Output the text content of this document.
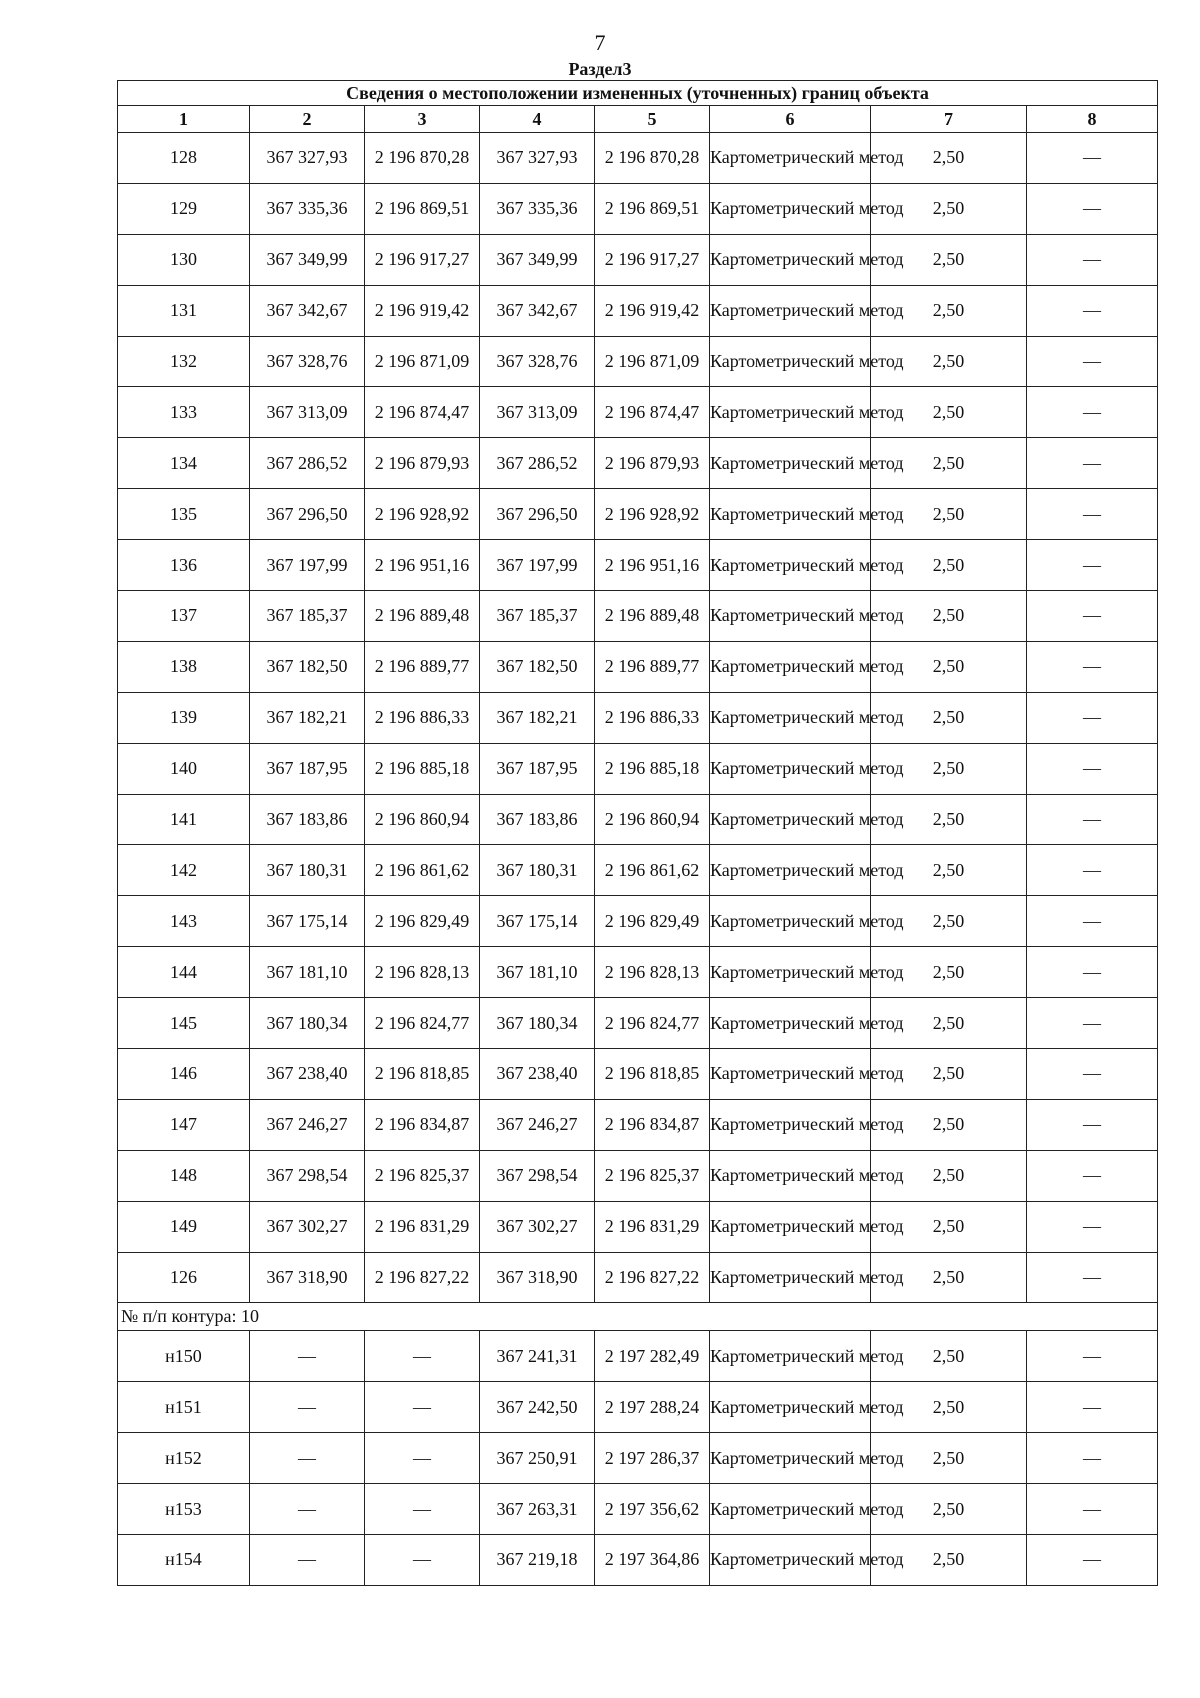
7
Раздел3
Сведения о местоположении измененных (уточненных) границ объекта							
1	2	3	4	5	6	7	8
128	367 327,93	2 196 870,28	367 327,93	2 196 870,28	Картометрический метод	2,50	—
129	367 335,36	2 196 869,51	367 335,36	2 196 869,51	Картометрический метод	2,50	—
130	367 349,99	2 196 917,27	367 349,99	2 196 917,27	Картометрический метод	2,50	—
131	367 342,67	2 196 919,42	367 342,67	2 196 919,42	Картометрический метод	2,50	—
132	367 328,76	2 196 871,09	367 328,76	2 196 871,09	Картометрический метод	2,50	—
133	367 313,09	2 196 874,47	367 313,09	2 196 874,47	Картометрический метод	2,50	—
134	367 286,52	2 196 879,93	367 286,52	2 196 879,93	Картометрический метод	2,50	—
135	367 296,50	2 196 928,92	367 296,50	2 196 928,92	Картометрический метод	2,50	—
136	367 197,99	2 196 951,16	367 197,99	2 196 951,16	Картометрический метод	2,50	—
137	367 185,37	2 196 889,48	367 185,37	2 196 889,48	Картометрический метод	2,50	—
138	367 182,50	2 196 889,77	367 182,50	2 196 889,77	Картометрический метод	2,50	—
139	367 182,21	2 196 886,33	367 182,21	2 196 886,33	Картометрический метод	2,50	—
140	367 187,95	2 196 885,18	367 187,95	2 196 885,18	Картометрический метод	2,50	—
141	367 183,86	2 196 860,94	367 183,86	2 196 860,94	Картометрический метод	2,50	—
142	367 180,31	2 196 861,62	367 180,31	2 196 861,62	Картометрический метод	2,50	—
143	367 175,14	2 196 829,49	367 175,14	2 196 829,49	Картометрический метод	2,50	—
144	367 181,10	2 196 828,13	367 181,10	2 196 828,13	Картометрический метод	2,50	—
145	367 180,34	2 196 824,77	367 180,34	2 196 824,77	Картометрический метод	2,50	—
146	367 238,40	2 196 818,85	367 238,40	2 196 818,85	Картометрический метод	2,50	—
147	367 246,27	2 196 834,87	367 246,27	2 196 834,87	Картометрический метод	2,50	—
148	367 298,54	2 196 825,37	367 298,54	2 196 825,37	Картометрический метод	2,50	—
149	367 302,27	2 196 831,29	367 302,27	2 196 831,29	Картометрический метод	2,50	—
126	367 318,90	2 196 827,22	367 318,90	2 196 827,22	Картометрический метод	2,50	—
№ п/п контура: 10							
н150	—	—	367 241,31	2 197 282,49	Картометрический метод	2,50	—
н151	—	—	367 242,50	2 197 288,24	Картометрический метод	2,50	—
н152	—	—	367 250,91	2 197 286,37	Картометрический метод	2,50	—
н153	—	—	367 263,31	2 197 356,62	Картометрический метод	2,50	—
н154	—	—	367 219,18	2 197 364,86	Картометрический метод	2,50	—
